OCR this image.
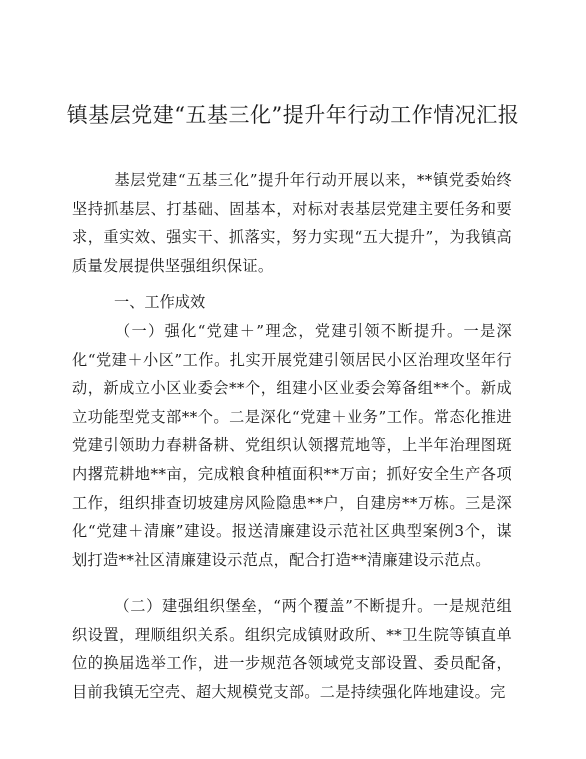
镇基层党建“五基三化”提升年行动工作情况汇报

基层党建“五基三化”提升年行动开展以来，**镇党委始终坚持抓基层、打基础、固基本，对标对表基层党建主要任务和要求，重实效、强实干、抓落实，努力实现“五大提升”，为我镇高质量发展提供坚强组织保证。

一、工作成效

（一）强化“党建＋”理念，党建引领不断提升。一是深化“党建＋小区”工作。扎实开展党建引领居民小区治理攻坚年行动，新成立小区业委会**个，组建小区业委会筹备组**个。新成立功能型党支部**个。二是深化“党建＋业务”工作。常态化推进党建引领助力春耕备耕、党组织认领撂荒地等，上半年治理图斑内撂荒耕地**亩，完成粮食种植面积**万亩；抓好安全生产各项工作，组织排查切坡建房风险隐患**户，自建房**万栋。三是深化“党建＋清廉”建设。报送清廉建设示范社区典型案例3个，谋划打造**社区清廉建设示范点，配合打造**清廉建设示范点。

（二）建强组织堡垒，“两个覆盖”不断提升。一是规范组织设置，理顺组织关系。组织完成镇财政所、**卫生院等镇直单位的换届选举工作，进一步规范各领域党支部设置、委员配备，目前我镇无空壳、超大规模党支部。二是持续强化阵地建设。完
